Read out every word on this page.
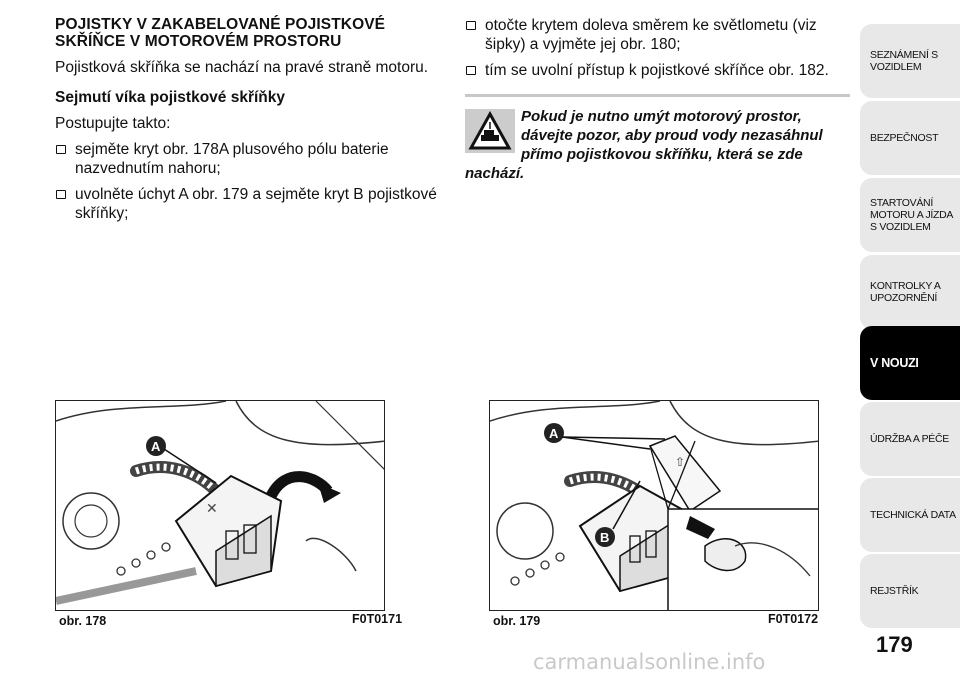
POJISTKY V ZAKABELOVANÉ POJISTKOVÉ SKŘÍŇCE V MOTOROVÉM PROSTORU
Pojistková skříňka se nachází na pravé straně motoru.
Sejmutí víka pojistkové skříňky
Postupujte takto:
sejměte kryt obr. 178A plusového pólu baterie nazvednutím nahoru;
uvolněte úchyt A obr. 179 a sejměte kryt B pojistkové skříňky;
otočte krytem doleva směrem ke světlometu (viz šipky) a vyjměte jej obr. 180;
tím se uvolní přístup k pojistkové skříňce obr. 182.
Pokud je nutno umýt motorový prostor, dávejte pozor, aby proud vody nezasáhnul přímo pojistkovou skříňku, která se zde nachází.
✕
A
obr. 178	F0T0171
⇧
A
B
obr. 179	F0T0172
SEZNÁMENÍ S VOZIDLEM
BEZPEČNOST
STARTOVÁNÍ MOTORU A JÍZDA S VOZIDLEM
KONTROLKY A UPOZORNĚNÍ
V NOUZI
ÚDRŽBA A PÉČE
TECHNICKÁ DATA
REJSTŘÍK
179
carmanualsonline.info
